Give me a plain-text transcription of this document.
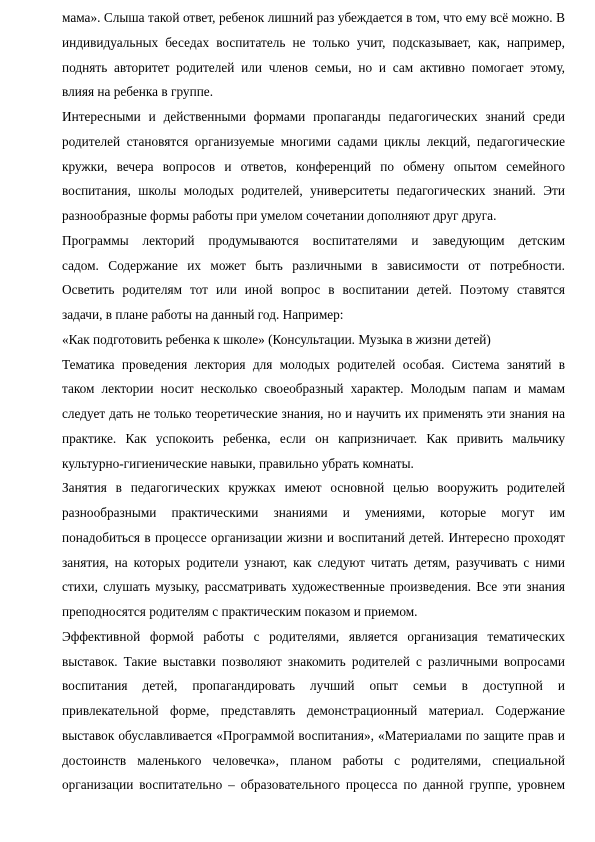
мама». Слыша такой ответ, ребенок лишний раз убеждается в том, что ему всё можно. В
индивидуальных беседах воспитатель не только учит, подсказывает, как, например,
поднять авторитет родителей или членов семьи, но и сам активно помогает этому,
влияя на ребенка в группе.
Интересными и действенными формами пропаганды педагогических знаний среди
родителей становятся организуемые многими садами циклы лекций, педагогические
кружки, вечера вопросов и ответов, конференций по обмену опытом семейного
воспитания, школы молодых родителей, университеты педагогических знаний. Эти
разнообразные формы работы при умелом сочетании дополняют друг друга.
Программы лекторий продумываются воспитателями и заведующим детским
садом. Содержание их может быть различными в зависимости от потребности.
Осветить родителям тот или иной вопрос в воспитании детей. Поэтому ставятся
задачи, в плане работы на данный год. Например:
«Как подготовить ребенка к школе» (Консультации. Музыка в жизни детей)
Тематика проведения лектория для молодых родителей особая. Система занятий в
таком лектории носит несколько своеобразный характер. Молодым папам и мамам
следует дать не только теоретические знания, но и научить их применять эти знания на
практике. Как успокоить ребенка, если он капризничает. Как привить мальчику
культурно-гигиенические навыки, правильно убрать комнаты.
Занятия в педагогических кружках имеют основной целью вооружить родителей
разнообразными практическими знаниями и умениями, которые могут им
понадобиться в процессе организации жизни и воспитаний детей. Интересно проходят
занятия, на которых родители узнают, как следуют читать детям, разучивать с ними
стихи, слушать музыку, рассматривать художественные произведения. Все эти знания
преподносятся родителям с практическим показом и приемом.
Эффективной формой работы с родителями, является организация тематических
выставок. Такие выставки позволяют знакомить родителей с различными вопросами
воспитания детей, пропагандировать лучший опыт семьи в доступной и
привлекательной форме, представлять демонстрационный материал. Содержание
выставок обуславливается «Программой воспитания», «Материалами по защите прав и
достоинств маленького человечка», планом работы с родителями, специальной
организации воспитательно – образовательного процесса по данной группе, уровнем
